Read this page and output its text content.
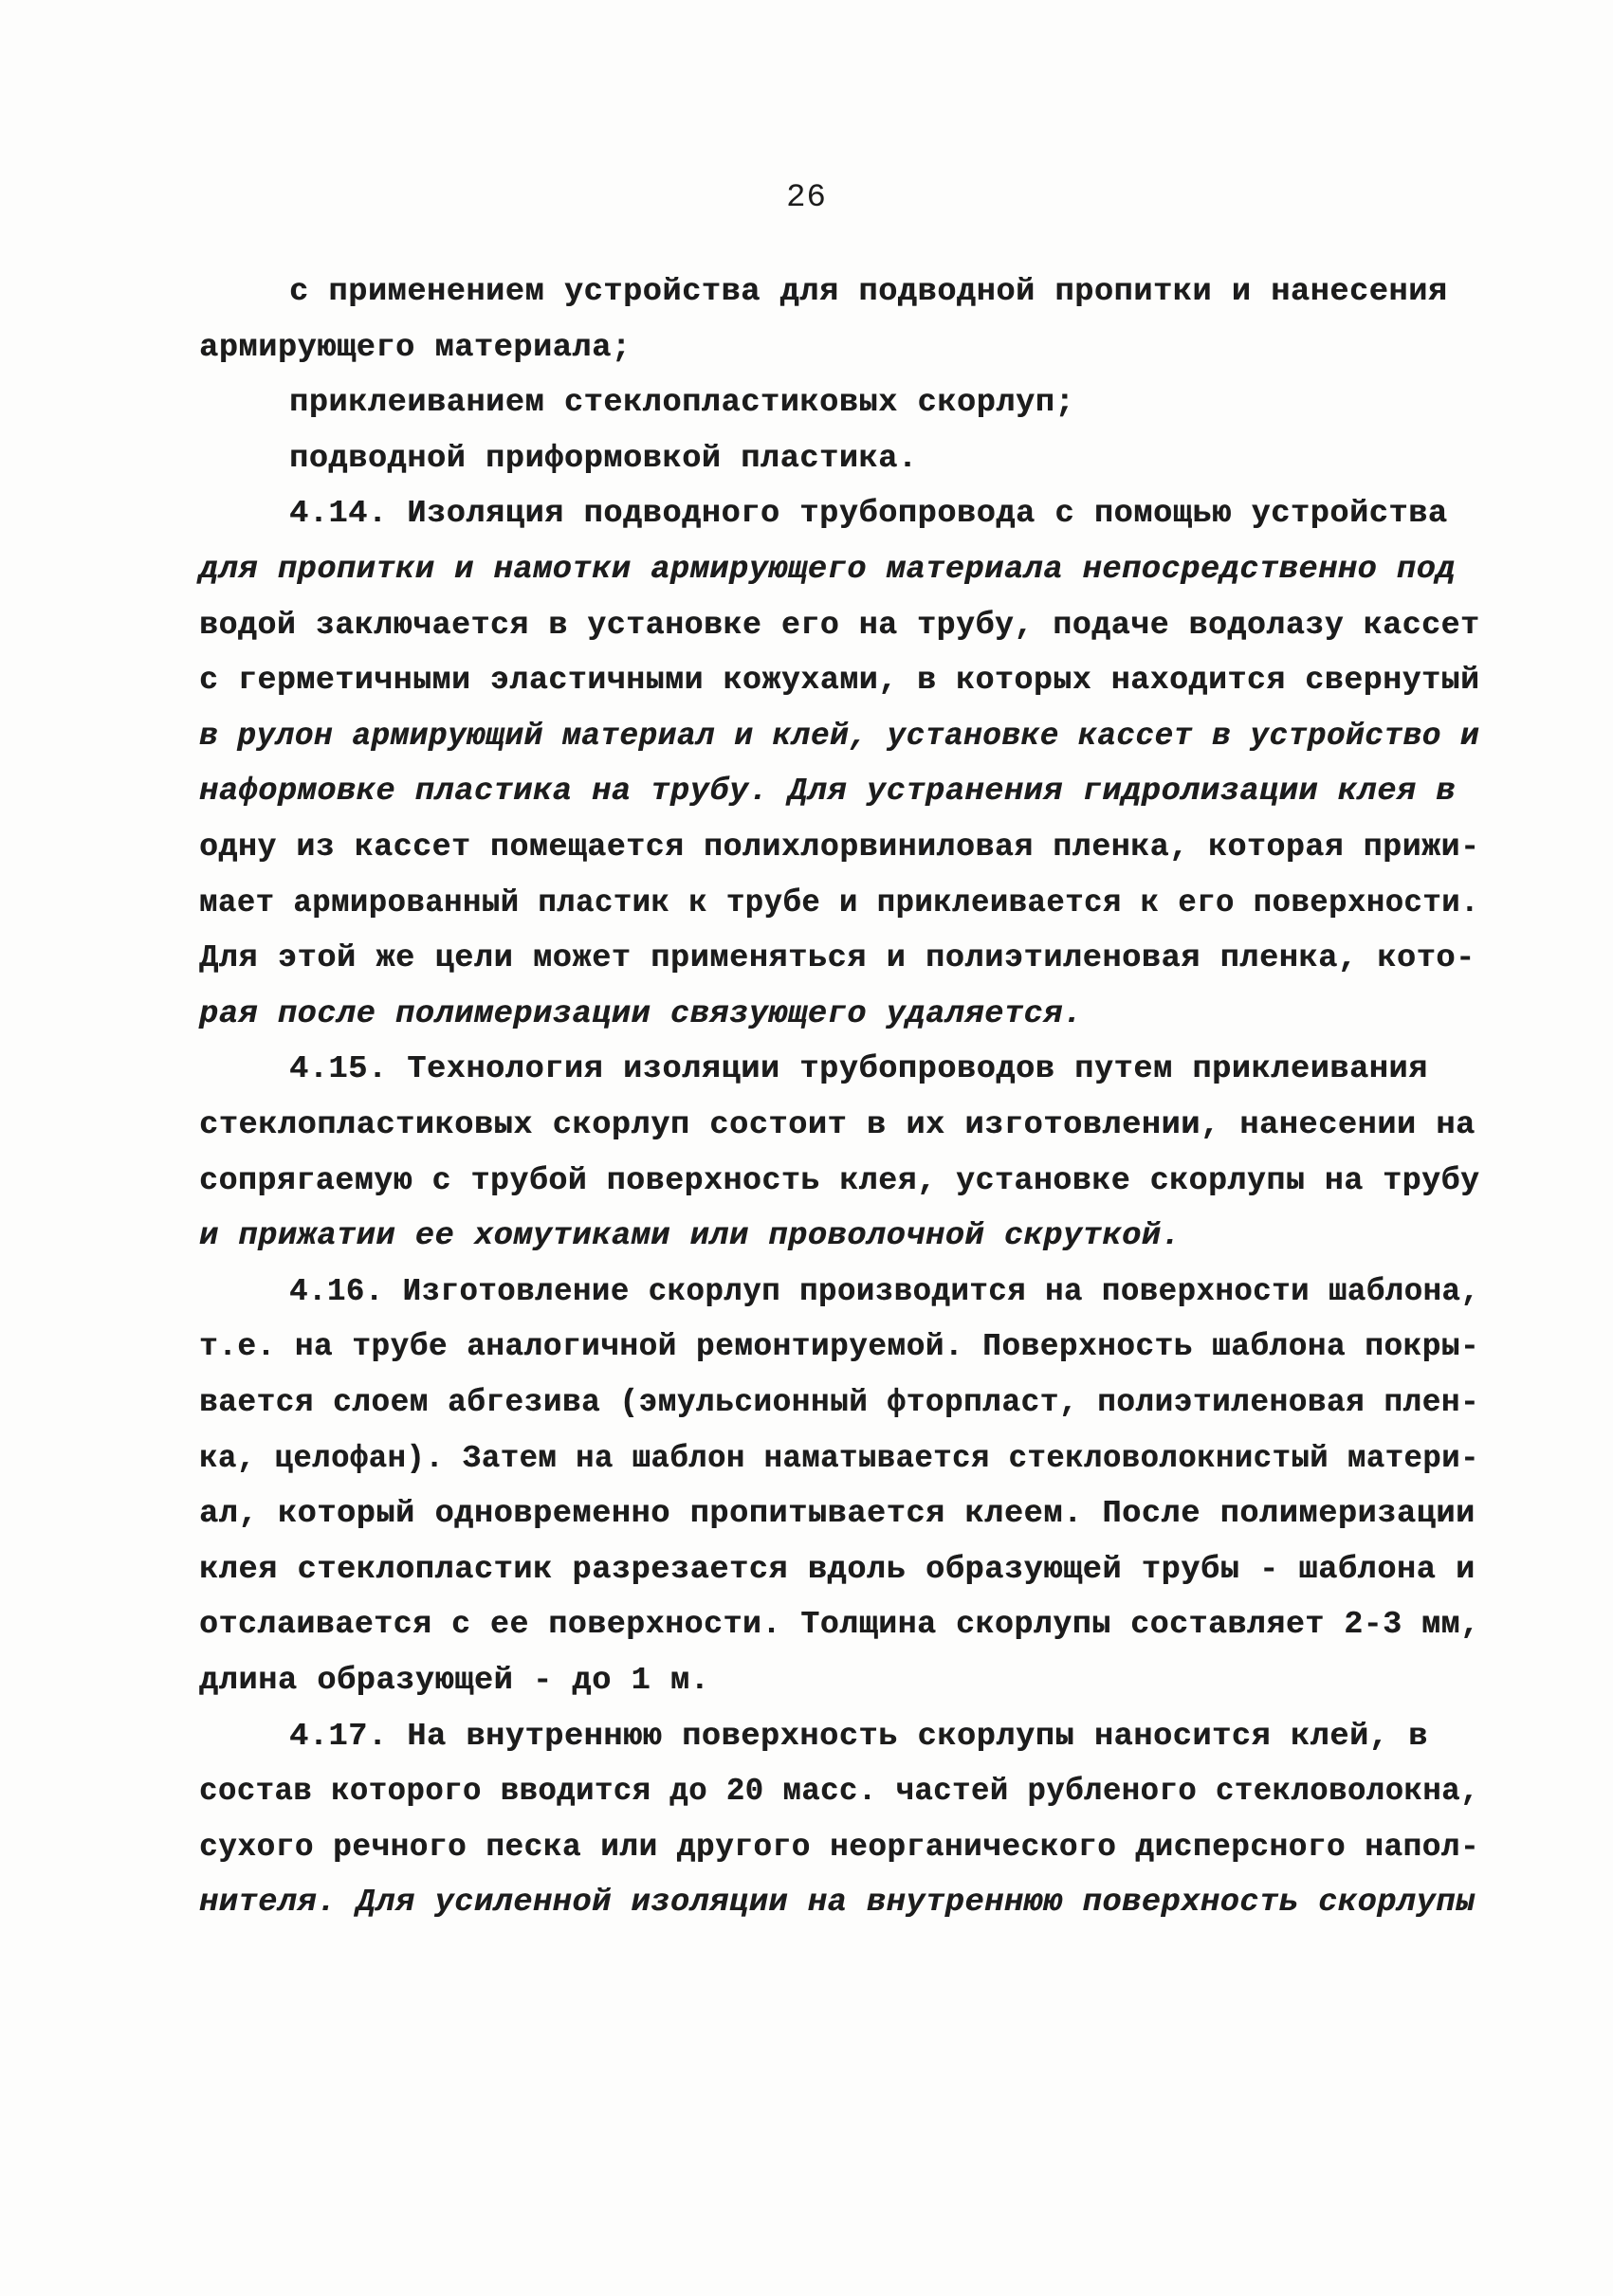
26
с применением устройства для подводной пропитки и нанесения
армирующего материала;
приклеиванием стеклопластиковых скорлуп;
подводной приформовкой пластика.
4.14. Изоляция подводного трубопровода с помощью устройства
для пропитки и намотки армирующего материала непосредственно под
водой заключается в установке его на трубу, подаче водолазу кассет
с герметичными эластичными кожухами, в которых находится свернутый
в рулон армирующий материал и клей, установке кассет в устройство и
наформовке пластика на трубу. Для устранения гидролизации клея в
одну из кассет помещается полихлорвиниловая пленка, которая прижи-
мает армированный пластик к трубе и приклеивается к его поверхности.
Для этой же цели может применяться и полиэтиленовая пленка, кото-
рая после полимеризации связующего удаляется.
4.15. Технология изоляции трубопроводов путем приклеивания
стеклопластиковых скорлуп состоит в их изготовлении, нанесении на
сопрягаемую с трубой поверхность клея, установке скорлупы на трубу
и прижатии ее хомутиками или проволочной скруткой.
4.16. Изготовление скорлуп производится на поверхности шаблона,
т.е. на трубе аналогичной ремонтируемой. Поверхность шаблона покры-
вается слоем абгезива (эмульсионный фторпласт, полиэтиленовая плен-
ка, целофан). Затем на шаблон наматывается стекловолокнистый матери-
ал, который одновременно пропитывается клеем. После полимеризации
клея стеклопластик разрезается вдоль образующей трубы - шаблона и
отслаивается с ее поверхности. Толщина скорлупы составляет 2-3 мм,
длина образующей - до 1 м.
4.17. На внутреннюю поверхность скорлупы наносится клей, в
состав которого вводится до 20 масс. частей рубленого стекловолокна,
сухого речного песка или другого неорганического дисперсного напол-
нителя. Для усиленной изоляции на внутреннюю поверхность скорлупы
